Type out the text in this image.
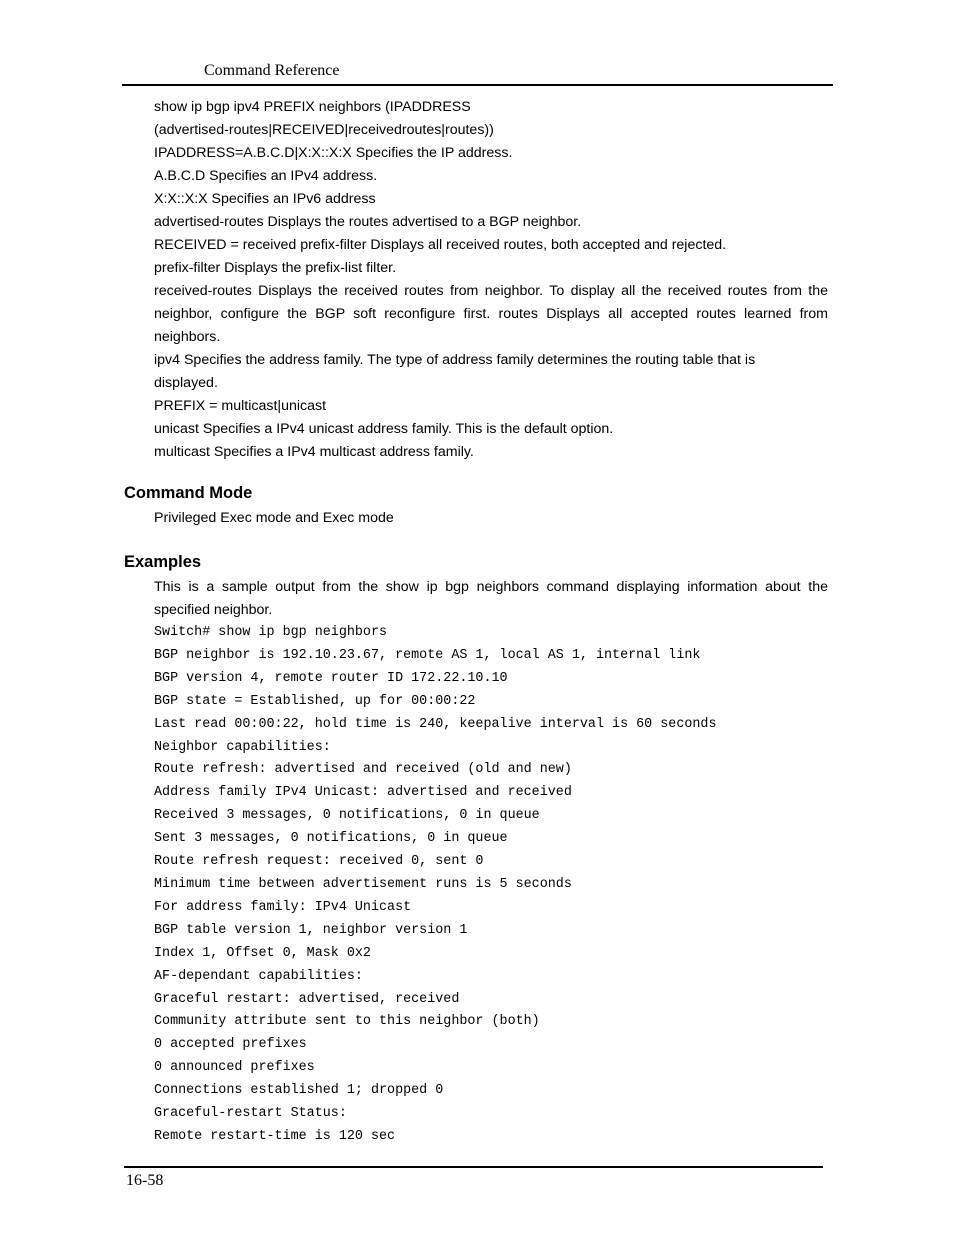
Command Reference

show ip bgp ipv4 PREFIX neighbors (IPADDRESS

(advertised-routes|RECEIVED|receivedroutes|routes))

IPADDRESS=A.B.C.D|X:X::X:X Specifies the IP address.

A.B.C.D Specifies an IPv4 address.

X:X::X:X Specifies an IPv6 address

advertised-routes Displays the routes advertised to a BGP neighbor.

RECEIVED = received prefix-filter Displays all received routes, both accepted and rejected.

prefix-filter Displays the prefix-list filter.

received-routes Displays the received routes from neighbor. To display all the received routes from the neighbor, configure the BGP soft reconfigure first. routes Displays all accepted routes learned from neighbors.

ipv4 Specifies the address family. The type of address family determines the routing table that is displayed.

PREFIX = multicast|unicast

unicast Specifies a IPv4 unicast address family. This is the default option.

multicast Specifies a IPv4 multicast address family.

Command Mode

Privileged Exec mode and Exec mode

Examples

This is a sample output from the show ip bgp neighbors command displaying information about the specified neighbor.

Switch# show ip bgp neighbors

BGP neighbor is 192.10.23.67, remote AS 1, local AS 1, internal link

BGP version 4, remote router ID 172.22.10.10

BGP state = Established, up for 00:00:22

Last read 00:00:22, hold time is 240, keepalive interval is 60 seconds

Neighbor capabilities:

Route refresh: advertised and received (old and new)

Address family IPv4 Unicast: advertised and received

Received 3 messages, 0 notifications, 0 in queue

Sent 3 messages, 0 notifications, 0 in queue

Route refresh request: received 0, sent 0

Minimum time between advertisement runs is 5 seconds

For address family: IPv4 Unicast

BGP table version 1, neighbor version 1

Index 1, Offset 0, Mask 0x2

AF-dependant capabilities:

Graceful restart: advertised, received

Community attribute sent to this neighbor (both)

0 accepted prefixes

0 announced prefixes

Connections established 1; dropped 0

Graceful-restart Status:

Remote restart-time is 120 sec

16-58
